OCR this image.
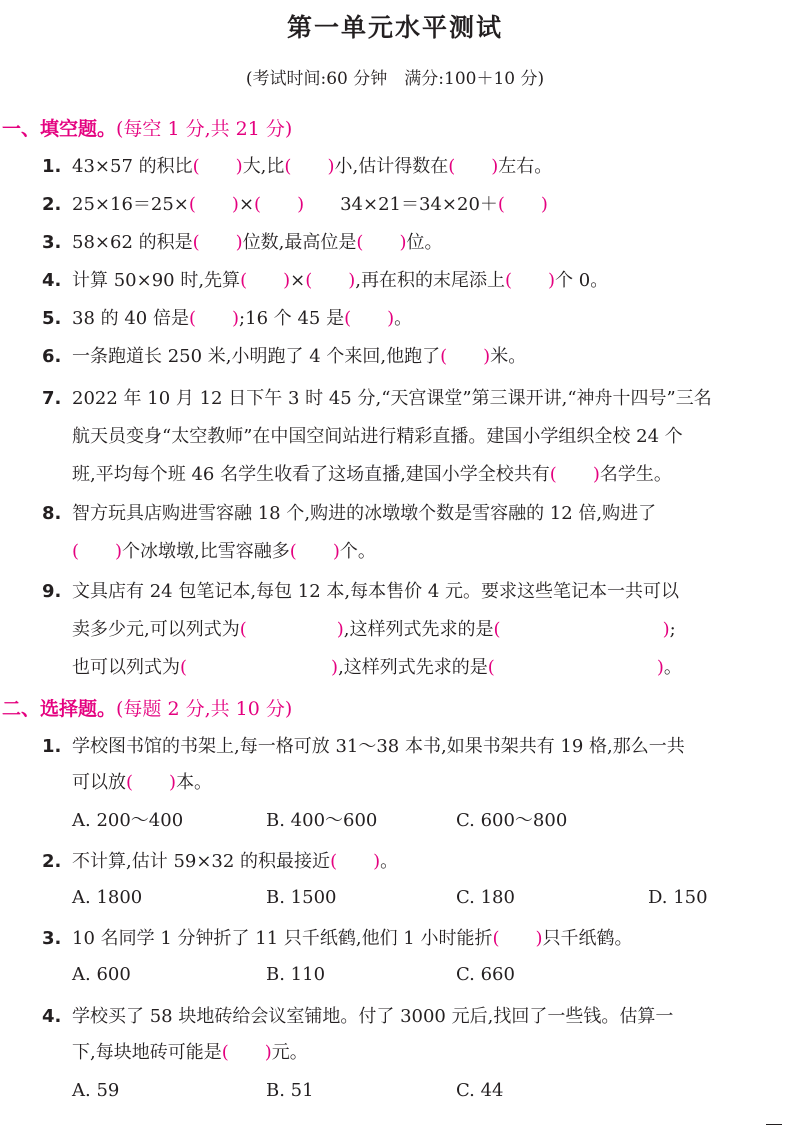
第一单元水平测试
(考试时间:60 分钟　满分:100＋10 分)
一、填空题。(每空 1 分,共 21 分)
1. 43×57 的积比(　　 )大,比(　　 )小,估计得数在(　　 )左右。
2. 25×16＝25×(　　 )×(　　 )　　34×21＝34×20＋(　　 )
3. 58×62 的积是(　　 )位数,最高位是(　　 )位。
4. 计算 50×90 时,先算(　　 )×(　　 ),再在积的末尾添上(　　 )个 0。
5. 38 的 40 倍是(　　 );16 个 45 是(　　 )。
6. 一条跑道长 250 米,小明跑了 4 个来回,他跑了(　　 )米。
7. 2022 年 10 月 12 日下午 3 时 45 分,“天宫课堂”第三课开讲,“神舟十四号”三名
航天员变身“太空教师”在中国空间站进行精彩直播。建国小学组织全校 24 个
班,平均每个班 46 名学生收看了这场直播,建国小学全校共有(　　 )名学生。
8. 智方玩具店购进雪容融 18 个,购进的冰墩墩个数是雪容融的 12 倍,购进了
(　　 )个冰墩墩,比雪容融多(　　 )个。
9. 文具店有 24 包笔记本,每包 12 本,每本售价 4 元。要求这些笔记本一共可以
卖多少元,可以列式为(　　　　　	),这样列式先求的是(　　　　　　　　　	);
也可以列式为(　　　　　　　　	),这样列式先求的是(　　　　　　　　　	)。
二、选择题。(每题 2 分,共 10 分)
1. 学校图书馆的书架上,每一格可放 31～38 本书,如果书架共有 19 格,那么一共
可以放(　　 )本。
A. 200～400	B. 400～600	C. 600～800
2. 不计算,估计 59×32 的积最接近(　　 )。
A. 1800	B. 1500	C. 180	D. 150
3. 10 名同学 1 分钟折了 11 只千纸鹤,他们 1 小时能折(　　 )只千纸鹤。
A. 600	B. 110	C. 660
4. 学校买了 58 块地砖给会议室铺地。付了 3000 元后,找回了一些钱。估算一
下,每块地砖可能是(　　 )元。
A. 59	B. 51	C. 44
